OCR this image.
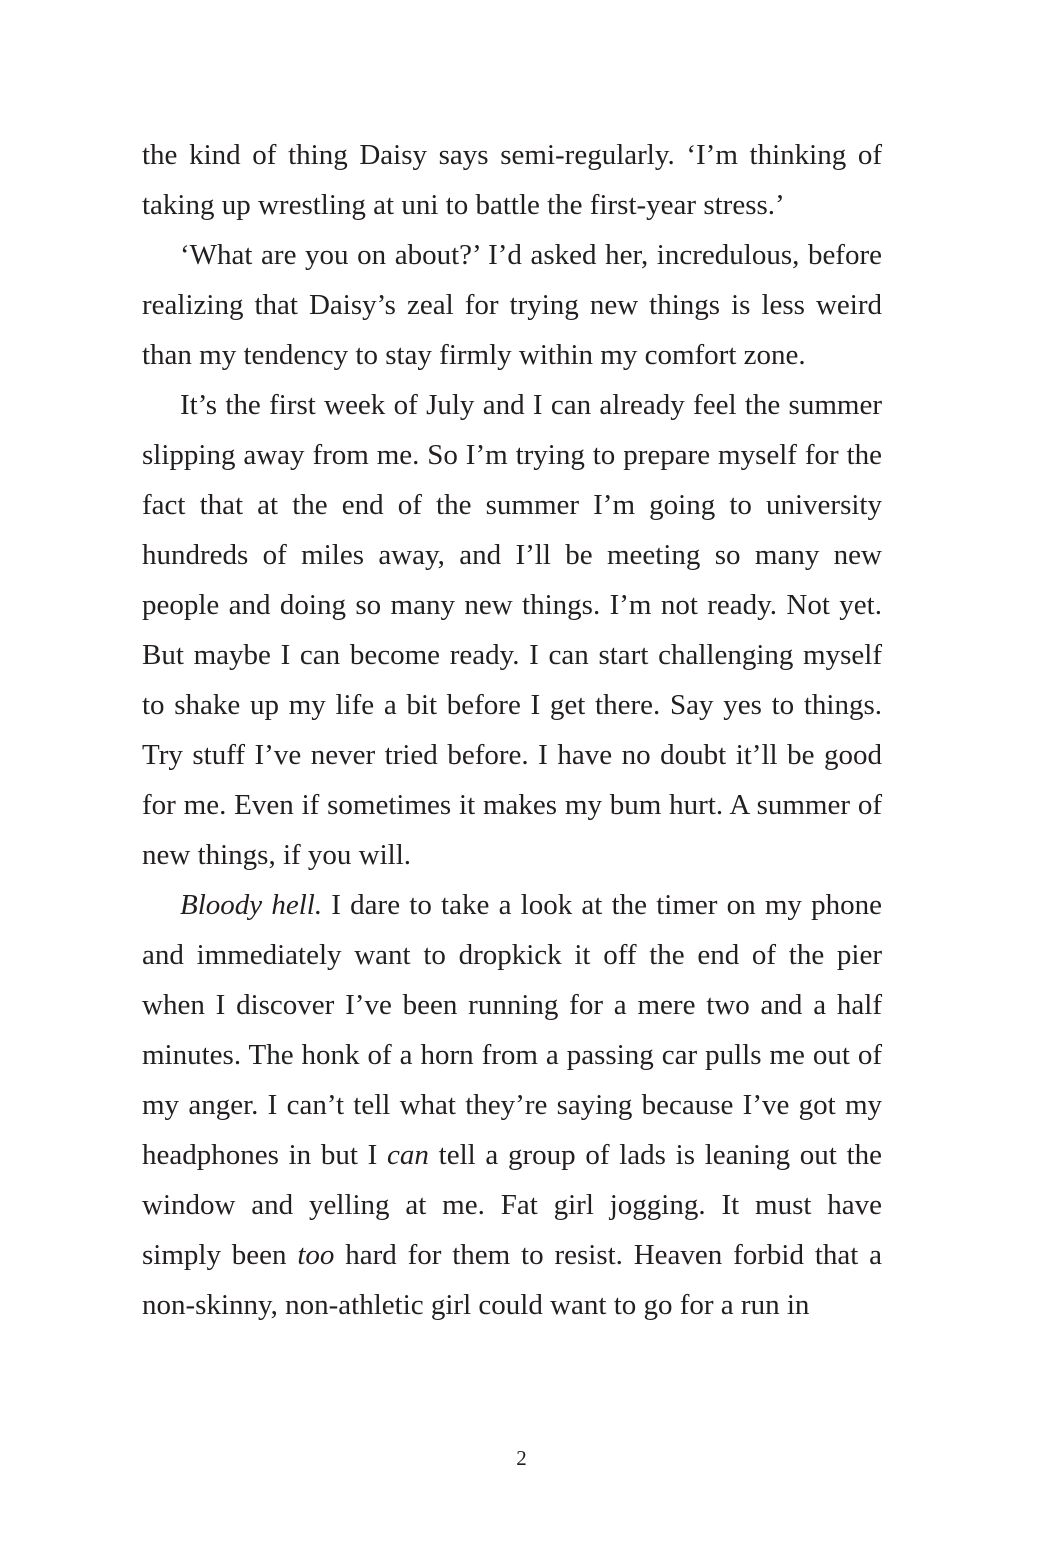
the kind of thing Daisy says semi-regularly. ‘I’m thinking of taking up wrestling at uni to battle the first-year stress.’

‘What are you on about?’ I’d asked her, incredulous, before realizing that Daisy’s zeal for trying new things is less weird than my tendency to stay firmly within my comfort zone.

It’s the first week of July and I can already feel the summer slipping away from me. So I’m trying to prepare myself for the fact that at the end of the summer I’m going to university hundreds of miles away, and I’ll be meeting so many new people and doing so many new things. I’m not ready. Not yet. But maybe I can become ready. I can start challenging myself to shake up my life a bit before I get there. Say yes to things. Try stuff I’ve never tried before. I have no doubt it’ll be good for me. Even if sometimes it makes my bum hurt. A summer of new things, if you will.

Bloody hell. I dare to take a look at the timer on my phone and immediately want to dropkick it off the end of the pier when I discover I’ve been running for a mere two and a half minutes. The honk of a horn from a passing car pulls me out of my anger. I can’t tell what they’re saying because I’ve got my headphones in but I can tell a group of lads is leaning out the window and yelling at me. Fat girl jogging. It must have simply been too hard for them to resist. Heaven forbid that a non-skinny, non-athletic girl could want to go for a run in

2
